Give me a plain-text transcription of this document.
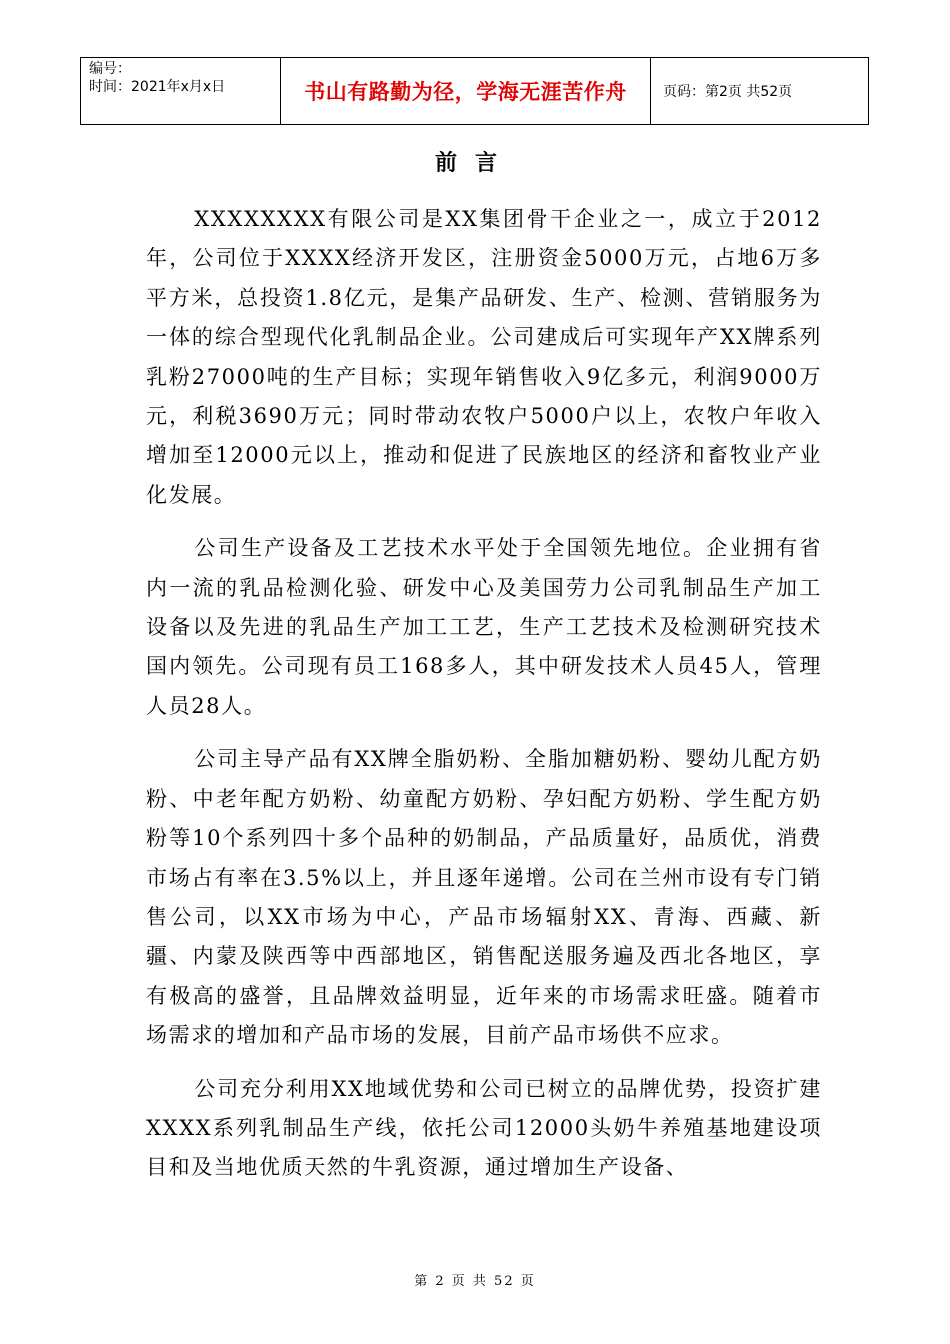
编号：
时间：2021年x月x日	书山有路勤为径，学海无涯苦作舟	页码：第2页 共52页
前言

XXXXXXXX有限公司是XX集团骨干企业之一，成立于2012年，公司位于XXXX经济开发区，注册资金5000万元，占地6万多平方米，总投资1.8亿元，是集产品研发、生产、检测、营销服务为一体的综合型现代化乳制品企业。公司建成后可实现年产XX牌系列乳粉27000吨的生产目标；实现年销售收入9亿多元，利润9000万元，利税3690万元；同时带动农牧户5000户以上，农牧户年收入增加至12000元以上，推动和促进了民族地区的经济和畜牧业产业化发展。

公司生产设备及工艺技术水平处于全国领先地位。企业拥有省内一流的乳品检测化验、研发中心及美国劳力公司乳制品生产加工设备以及先进的乳品生产加工工艺，生产工艺技术及检测研究技术国内领先。公司现有员工168多人，其中研发技术人员45人，管理人员28人。

公司主导产品有XX牌全脂奶粉、全脂加糖奶粉、婴幼儿配方奶粉、中老年配方奶粉、幼童配方奶粉、孕妇配方奶粉、学生配方奶粉等10个系列四十多个品种的奶制品，产品质量好，品质优，消费市场占有率在3.5%以上，并且逐年递增。公司在兰州市设有专门销售公司，以XX市场为中心，产品市场辐射XX、青海、西藏、新疆、内蒙及陕西等中西部地区，销售配送服务遍及西北各地区，享有极高的盛誉，且品牌效益明显，近年来的市场需求旺盛。随着市场需求的增加和产品市场的发展，目前产品市场供不应求。

公司充分利用XX地域优势和公司已树立的品牌优势，投资扩建XXXX系列乳制品生产线，依托公司12000头奶牛养殖基地建设项目和及当地优质天然的牛乳资源，通过增加生产设备、

第 2 页 共 52 页
